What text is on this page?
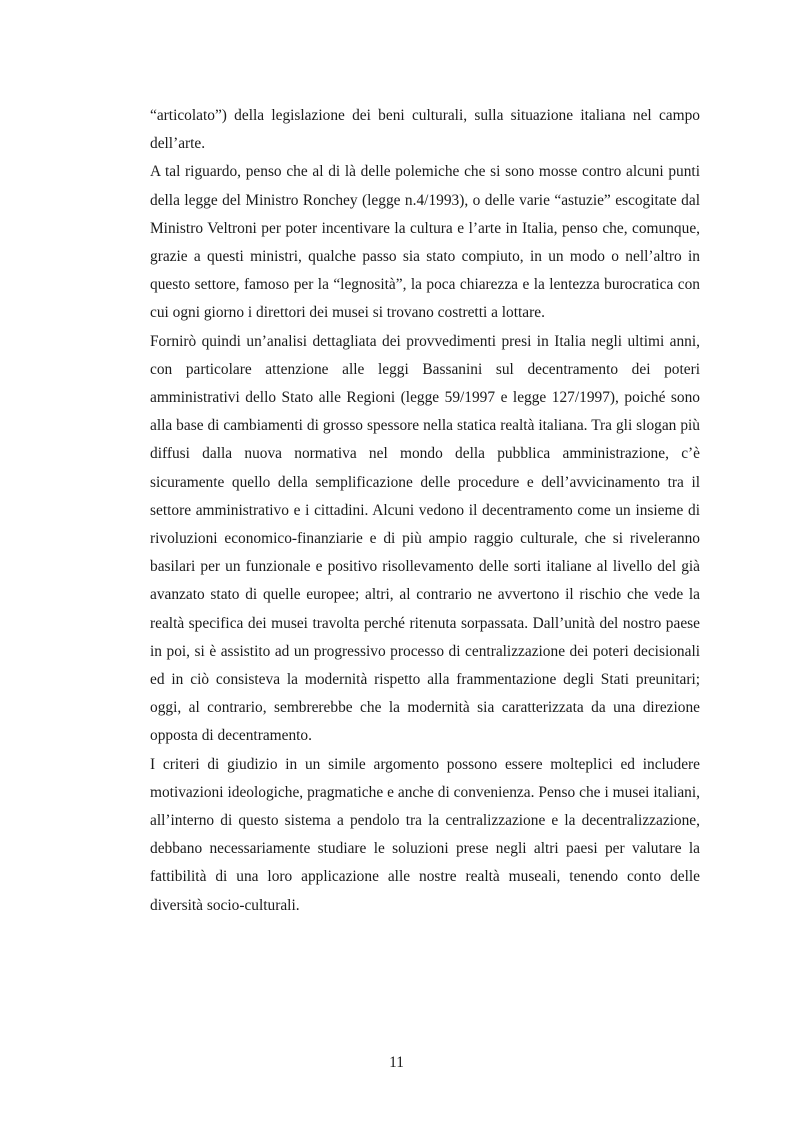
“articolato”) della legislazione dei beni culturali, sulla situazione italiana nel campo dell’arte.

A tal riguardo, penso che al di là delle polemiche che si sono mosse contro alcuni punti della legge del Ministro Ronchey (legge n.4/1993), o delle varie “astuzie” escogitate dal Ministro Veltroni per poter incentivare la cultura e l’arte in Italia, penso che, comunque, grazie a questi ministri, qualche passo sia stato compiuto, in un modo o nell’altro in questo settore, famoso per la “legnosità”, la poca chiarezza e la lentezza burocratica con cui ogni giorno i direttori dei musei si trovano costretti a lottare.

Fornirò quindi un’analisi dettagliata dei provvedimenti presi in Italia negli ultimi anni, con particolare attenzione alle leggi Bassanini sul decentramento dei poteri amministrativi dello Stato alle Regioni (legge 59/1997 e legge 127/1997), poiché sono alla base di cambiamenti di grosso spessore nella statica realtà italiana. Tra gli slogan più diffusi dalla nuova normativa nel mondo della pubblica amministrazione, c’è sicuramente quello della semplificazione delle procedure e dell’avvicinamento tra il settore amministrativo e i cittadini. Alcuni vedono il decentramento come un insieme di rivoluzioni economico-finanziarie e di più ampio raggio culturale, che si riveleranno basilari per un funzionale e positivo risollevamento delle sorti italiane al livello del già avanzato stato di quelle europee; altri, al contrario ne avvertono il rischio che vede la realtà specifica dei musei travolta perché ritenuta sorpassata. Dall’unità del nostro paese in poi, si è assistito ad un progressivo processo di centralizzazione dei poteri decisionali ed in ciò consisteva la modernità rispetto alla frammentazione degli Stati preunitari; oggi, al contrario, sembrerebbe che la modernità sia caratterizzata da una direzione opposta di decentramento.

I criteri di giudizio in un simile argomento possono essere molteplici ed includere motivazioni ideologiche, pragmatiche e anche di convenienza. Penso che i musei italiani, all’interno di questo sistema a pendolo tra la centralizzazione e la decentralizzazione, debbano necessariamente studiare le soluzioni prese negli altri paesi per valutare la fattibilità di una loro applicazione alle nostre realtà museali, tenendo conto delle diversità socio-culturali.

11
